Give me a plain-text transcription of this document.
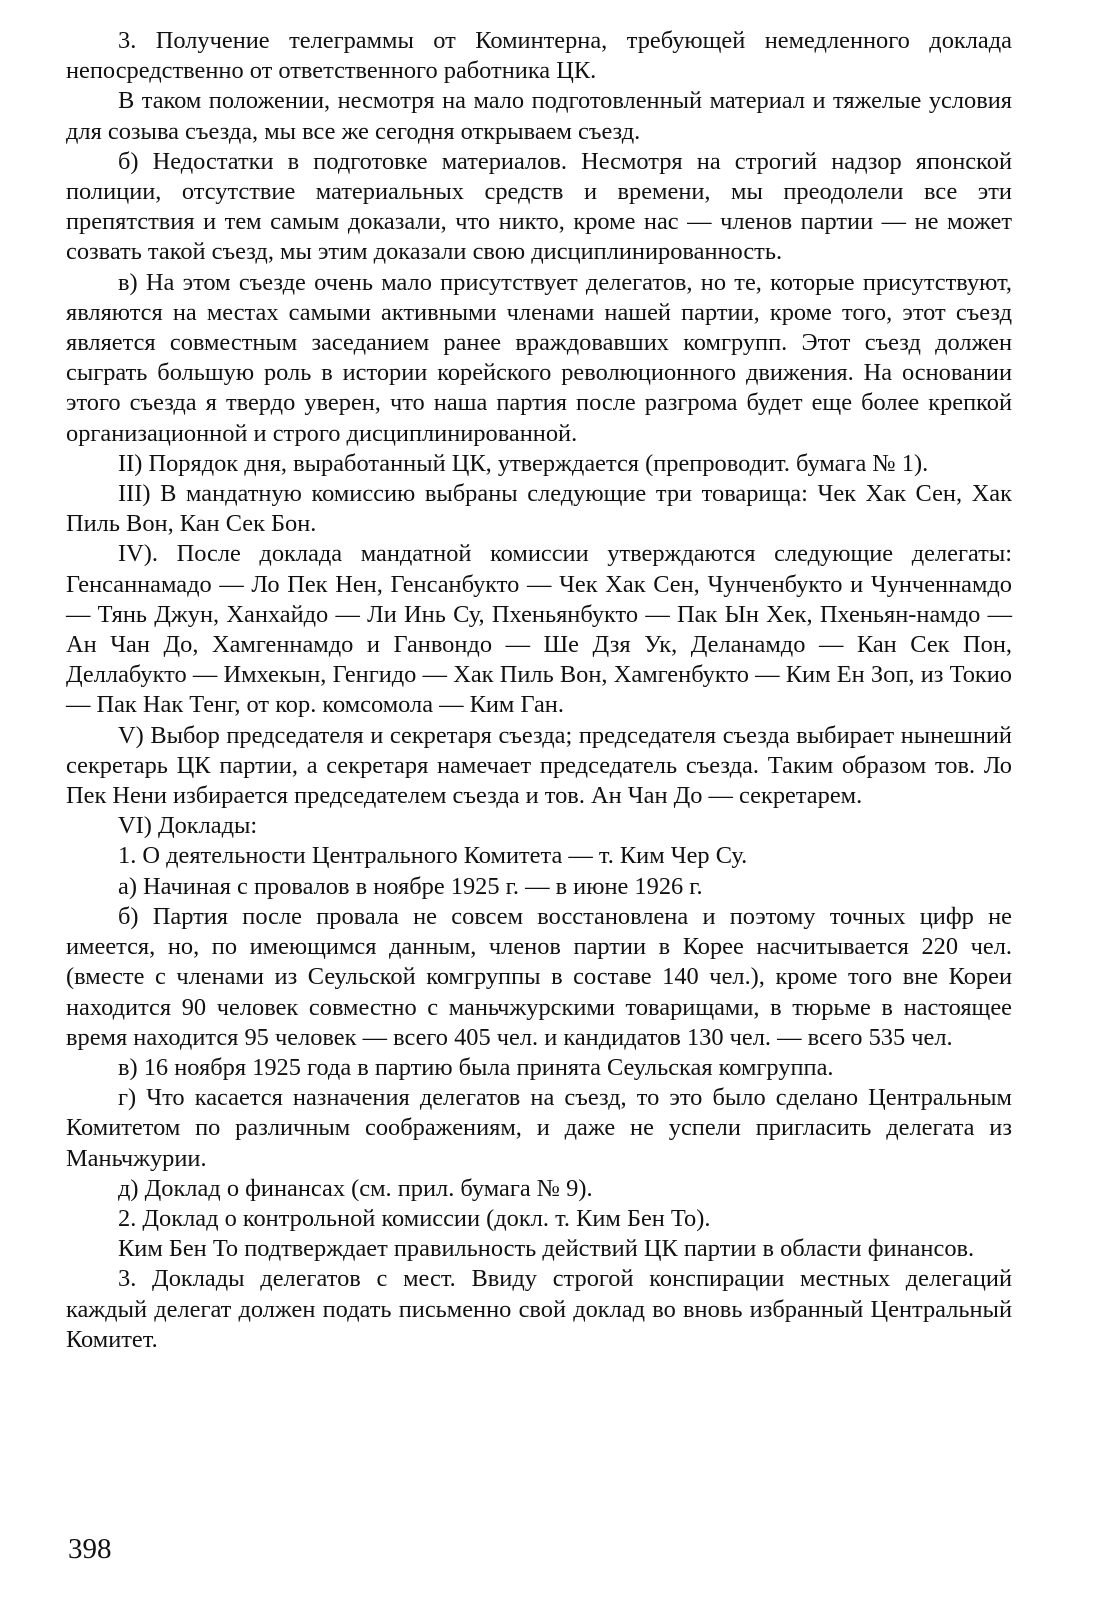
3. Получение телеграммы от Коминтерна, требующей немедленного доклада непосредственно от ответственного работника ЦК.

В таком положении, несмотря на мало подготовленный материал и тяжелые условия для созыва съезда, мы все же сегодня открываем съезд.

б) Недостатки в подготовке материалов. Несмотря на строгий надзор японской полиции, отсутствие материальных средств и времени, мы преодолели все эти препятствия и тем самым доказали, что никто, кроме нас — членов партии — не может созвать такой съезд, мы этим доказали свою дисциплинированность.

в) На этом съезде очень мало присутствует делегатов, но те, которые присутствуют, являются на местах самыми активными членами нашей партии, кроме того, этот съезд является совместным заседанием ранее враждовавших комгрупп. Этот съезд должен сыграть большую роль в истории корейского революционного движения. На основании этого съезда я твердо уверен, что наша партия после разгрома будет еще более крепкой организационной и строго дисциплинированной.

II) Порядок дня, выработанный ЦК, утверждается (препроводит. бумага № 1).

III) В мандатную комиссию выбраны следующие три товарища: Чек Хак Сен, Хак Пиль Вон, Кан Сек Бон.

IV). После доклада мандатной комиссии утверждаются следующие делегаты: Генсаннамадо — Ло Пек Нен, Генсанбукто — Чек Хак Сен, Чунченбукто и Чунченнамдо — Тянь Джун, Ханхайдо — Ли Инь Су, Пхеньянбукто — Пак Ын Хек, Пхеньян-намдо — Ан Чан До, Хамгеннамдо и Ганвондо — Ше Дзя Ук, Деланамдо — Кан Сек Пон, Деллабукто — Имхекын, Генгидо — Хак Пиль Вон, Хамгенбукто — Ким Ен Зоп, из Токио — Пак Нак Тенг, от кор. комсомола — Ким Ган.

V) Выбор председателя и секретаря съезда; председателя съезда выбирает нынешний секретарь ЦК партии, а секретаря намечает председатель съезда. Таким образом тов. Ло Пек Нени избирается председателем съезда и тов. Ан Чан До — секретарем.

VI) Доклады:

1. О деятельности Центрального Комитета — т. Ким Чер Су.

а) Начиная с провалов в ноябре 1925 г. — в июне 1926 г.

б) Партия после провала не совсем восстановлена и поэтому точных цифр не имеется, но, по имеющимся данным, членов партии в Корее насчитывается 220 чел. (вместе с членами из Сеульской комгруппы в составе 140 чел.), кроме того вне Кореи находится 90 человек совместно с маньчжурскими товарищами, в тюрьме в настоящее время находится 95 человек — всего 405 чел. и кандидатов 130 чел. — всего 535 чел.

в) 16 ноября 1925 года в партию была принята Сеульская комгруппа.

г) Что касается назначения делегатов на съезд, то это было сделано Центральным Комитетом по различным соображениям, и даже не успели пригласить делегата из Маньчжурии.

д) Доклад о финансах (см. прил. бумага № 9).

2. Доклад о контрольной комиссии (докл. т. Ким Бен То).

Ким Бен То подтверждает правильность действий ЦК партии в области финансов.

3. Доклады делегатов с мест. Ввиду строгой конспирации местных делегаций каждый делегат должен подать письменно свой доклад во вновь избранный Центральный Комитет.

398
